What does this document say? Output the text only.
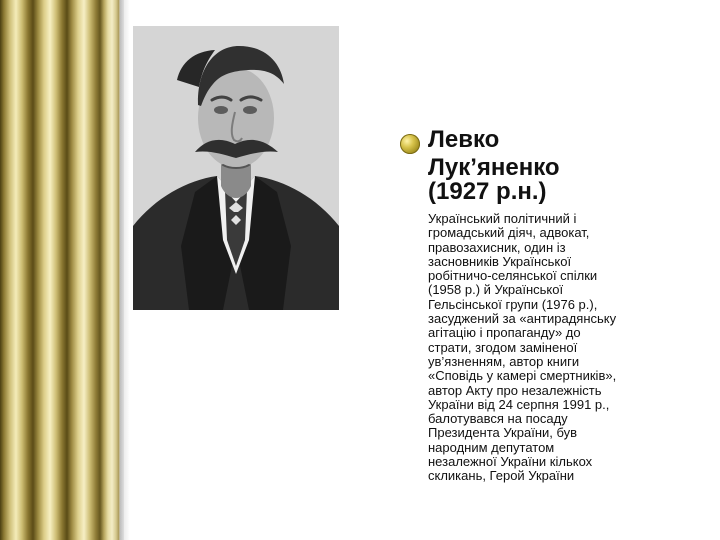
Левко
Лук’яненко
(1927 р.н.)

Український політичний і
громадський діяч, адвокат,
правозахисник, один із
засновників Української
робітничо-селянської спілки
(1958 р.) й Української
Гельсінської групи (1976 р.),
засуджений за «антирадянську
агітацію і пропаганду» до
страти, згодом заміненої
ув’язненням, автор книги
«Сповідь у камері смертників»,
автор Акту про незалежність
України від 24 серпня 1991 р.,
балотувався на посаду
Президента України, був
народним депутатом
незалежної України кількох
скликань, Герой України
